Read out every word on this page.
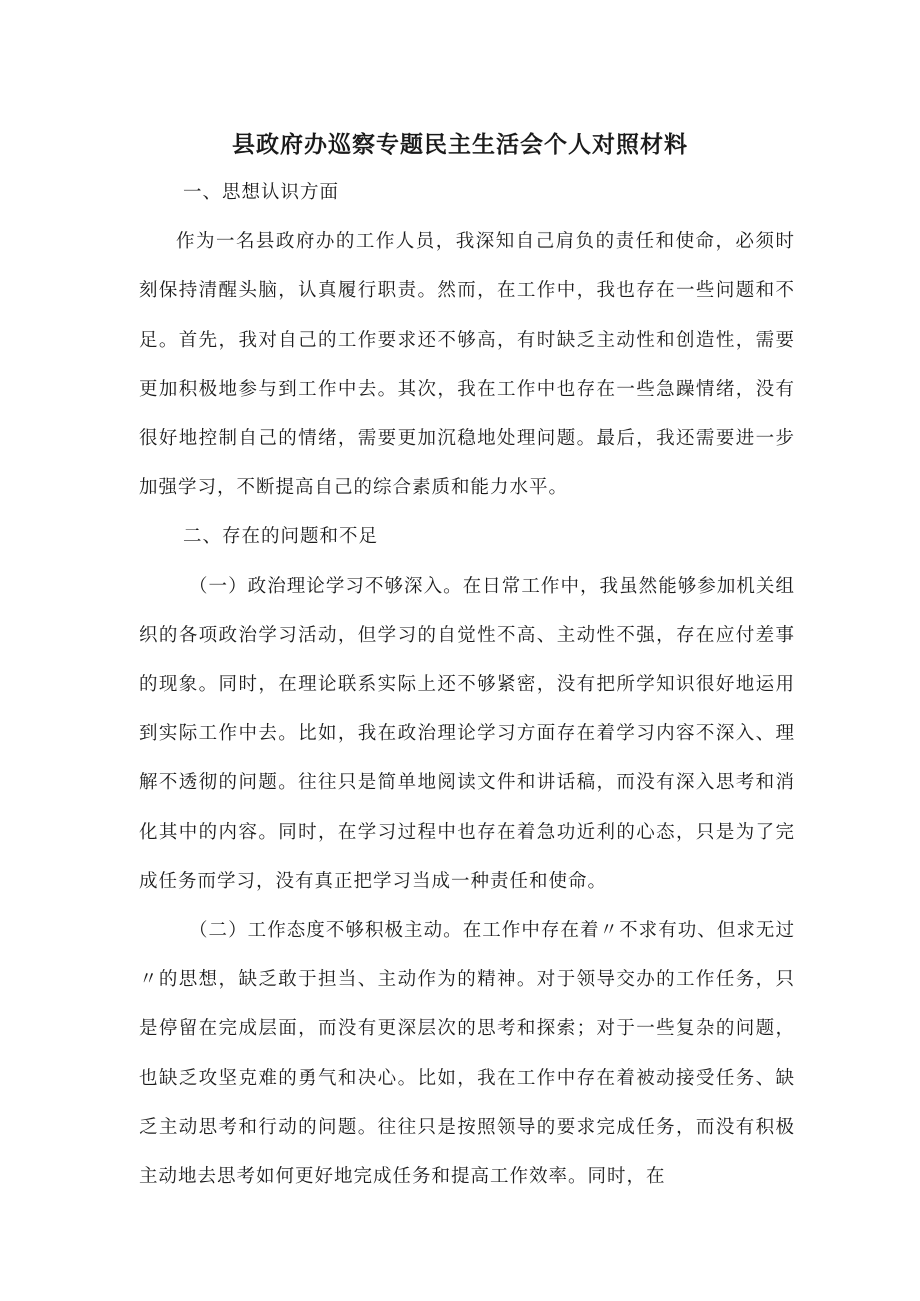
县政府办巡察专题民主生活会个人对照材料

一、思想认识方面

作为一名县政府办的工作人员，我深知自己肩负的责任和使命，必须时刻保持清醒头脑，认真履行职责。然而，在工作中，我也存在一些问题和不足。首先，我对自己的工作要求还不够高，有时缺乏主动性和创造性，需要更加积极地参与到工作中去。其次，我在工作中也存在一些急躁情绪，没有很好地控制自己的情绪，需要更加沉稳地处理问题。最后，我还需要进一步加强学习，不断提高自己的综合素质和能力水平。

二、存在的问题和不足

（一）政治理论学习不够深入。在日常工作中，我虽然能够参加机关组织的各项政治学习活动，但学习的自觉性不高、主动性不强，存在应付差事的现象。同时，在理论联系实际上还不够紧密，没有把所学知识很好地运用到实际工作中去。比如，我在政治理论学习方面存在着学习内容不深入、理解不透彻的问题。往往只是简单地阅读文件和讲话稿，而没有深入思考和消化其中的内容。同时，在学习过程中也存在着急功近利的心态，只是为了完成任务而学习，没有真正把学习当成一种责任和使命。

（二）工作态度不够积极主动。在工作中存在着〃不求有功、但求无过〃的思想，缺乏敢于担当、主动作为的精神。对于领导交办的工作任务，只是停留在完成层面，而没有更深层次的思考和探索；对于一些复杂的问题，也缺乏攻坚克难的勇气和决心。比如，我在工作中存在着被动接受任务、缺乏主动思考和行动的问题。往往只是按照领导的要求完成任务，而没有积极主动地去思考如何更好地完成任务和提高工作效率。同时，在
